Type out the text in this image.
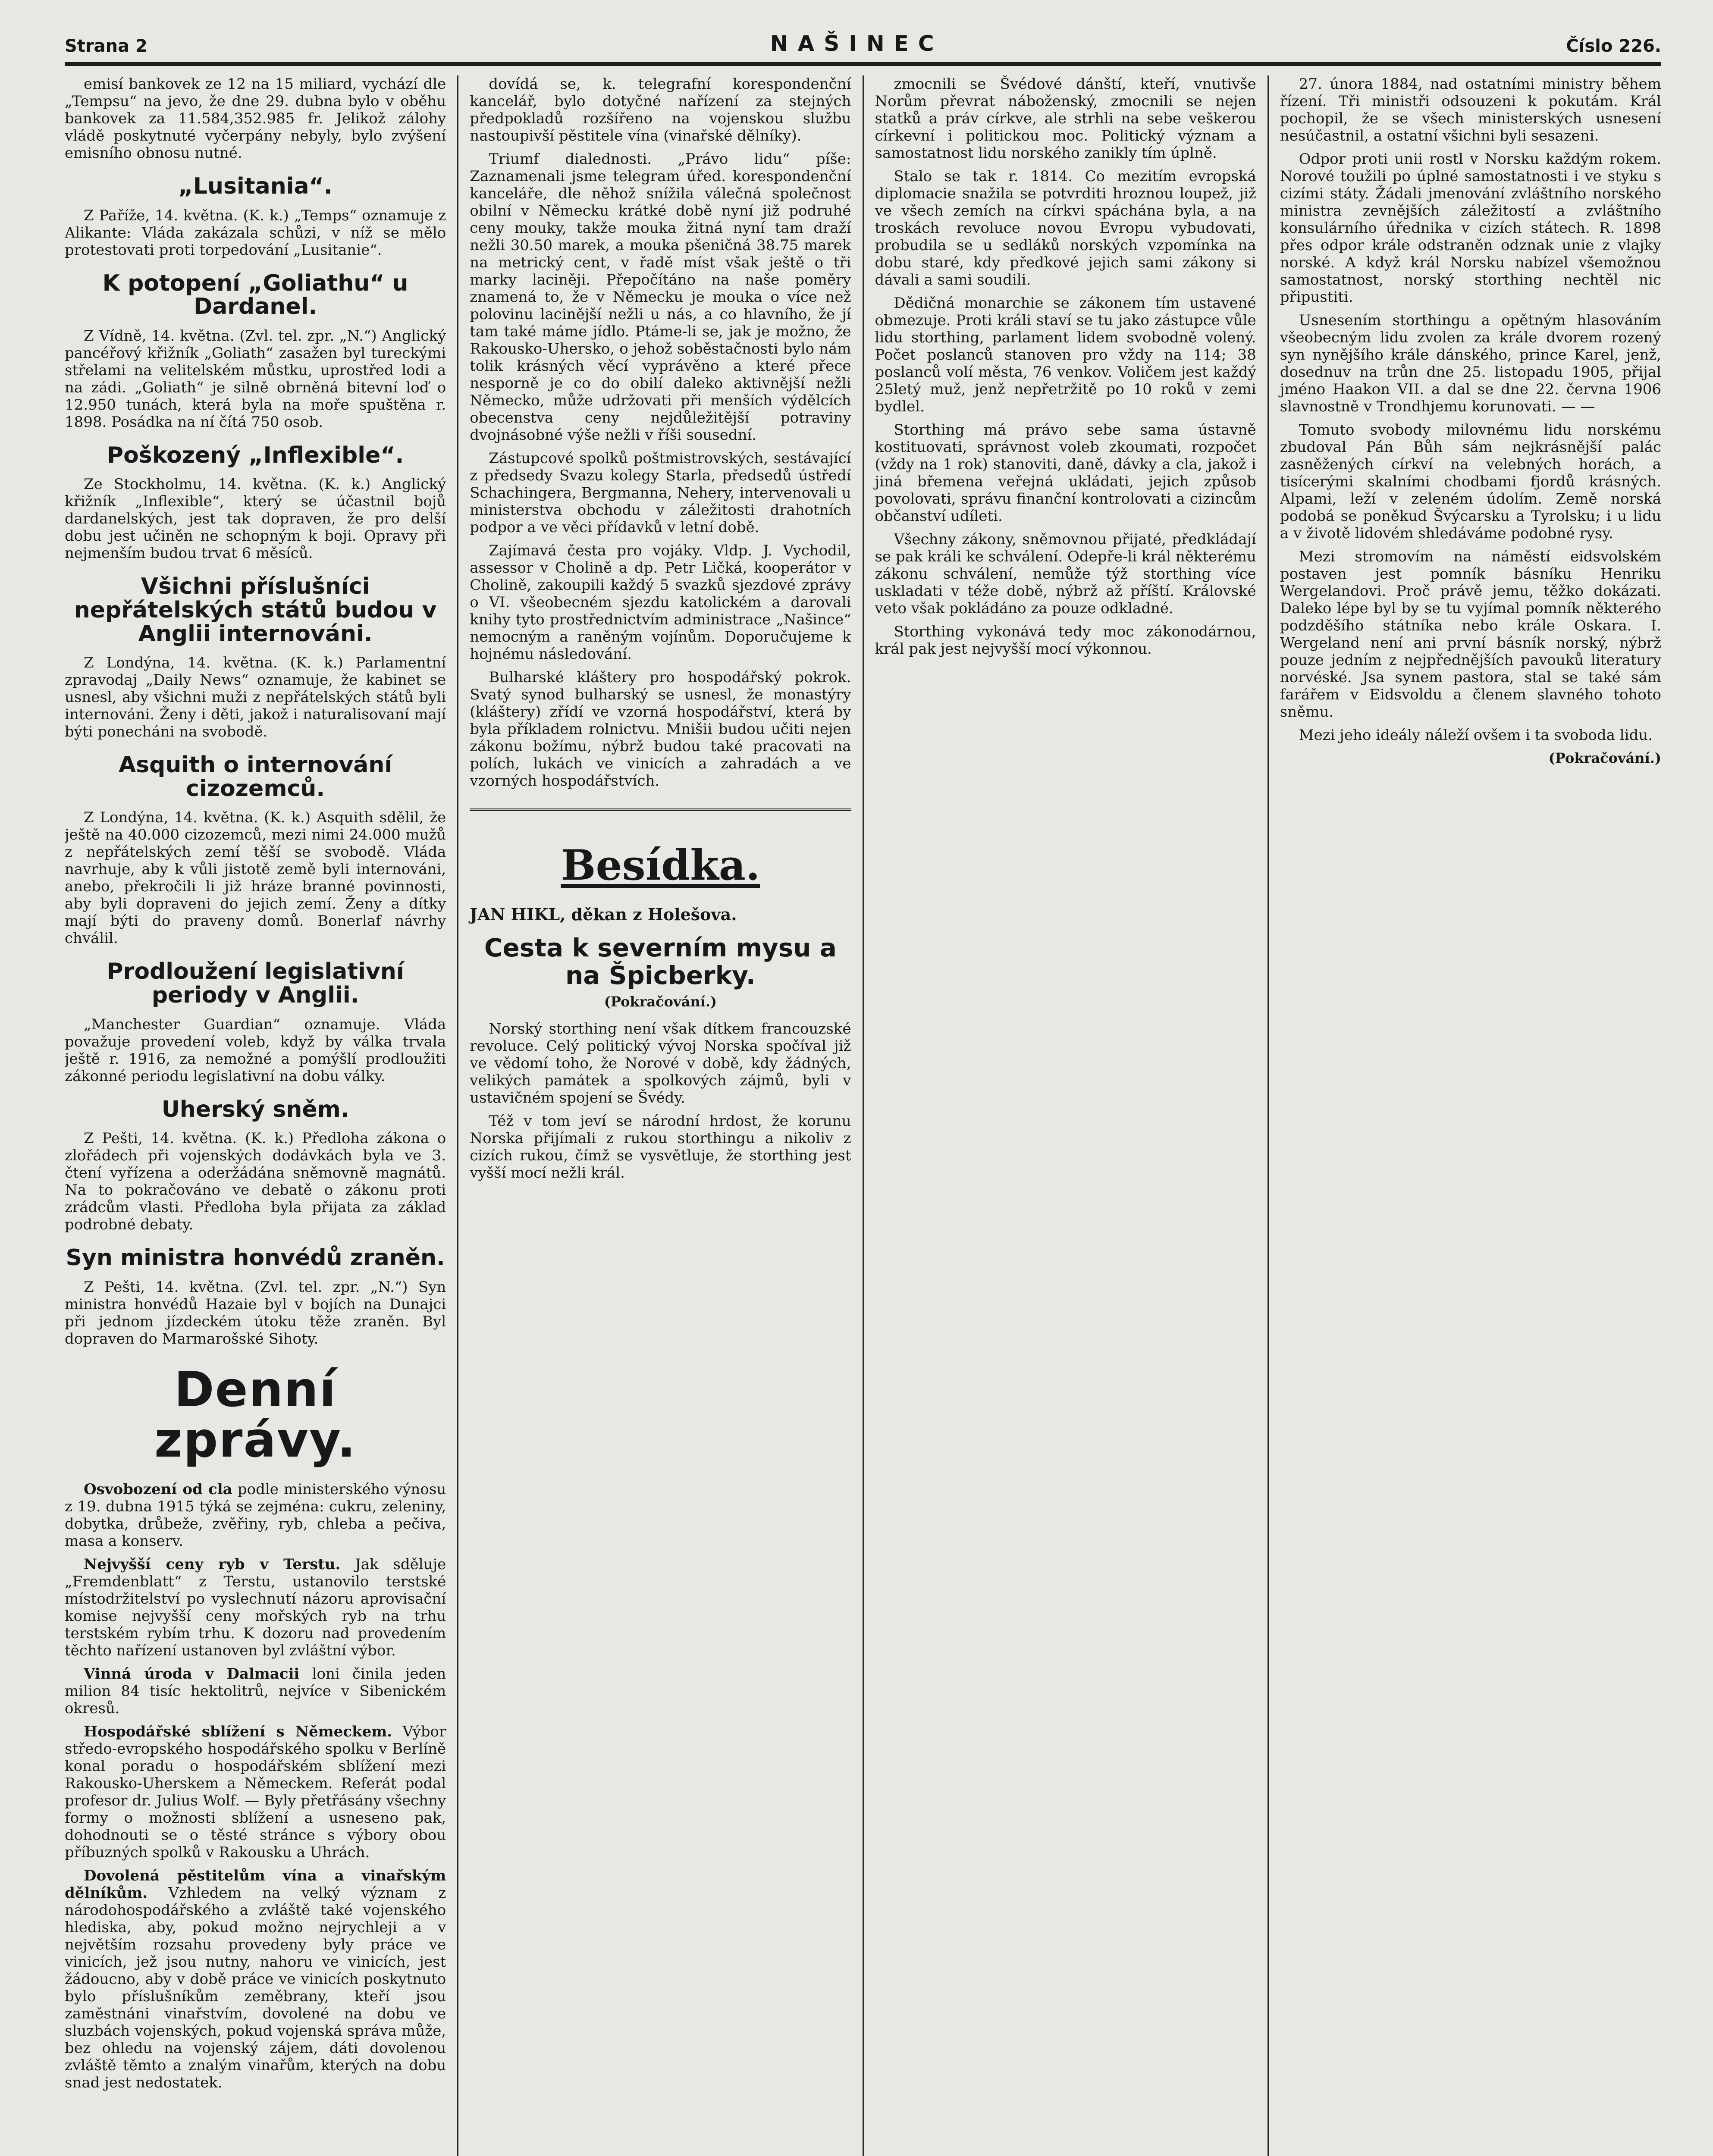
Strana 2	NAŠINEC	Číslo 226.

emisí bankovek ze 12 na 15 miliard, vychází dle „Tempsu“ na jevo, že dne 29. dubna bylo v oběhu bankovek za 11.584,352.985 fr. Jelikož zálohy vládě poskytnuté vyčerpány nebyly, bylo zvýšení emisního obnosu nutné.

„Lusitania“.

Z Paříže, 14. května. (K. k.) „Temps“ oznamuje z Alikante: Vláda zakázala schůzi, v níž se mělo protestovati proti torpedování „Lusitanie“.

K potopení „Goliathu“ u Dardanel.

Z Vídně, 14. května. (Zvl. tel. zpr. „N.“) Anglický pancéřový křižník „Goliath“ zasažen byl tureckými střelami na velitelském můstku, uprostřed lodi a na zádi. „Goliath“ je silně obrněná bitevní loď o 12.950 tunách, která byla na moře spuštěna r. 1898. Posádka na ní čítá 750 osob.

Poškozený „Inflexible“.

Ze Stockholmu, 14. května. (K. k.) Anglický křižník „Inflexible“, který se účastnil bojů dardanelských, jest tak dopraven, že pro delší dobu jest učiněn ne schopným k boji. Opravy při nejmenším budou trvat 6 měsíců.

Všichni příslušníci nepřátelských států budou v Anglii internováni.

Z Londýna, 14. května. (K. k.) Parlamentní zpravodaj „Daily News“ oznamuje, že kabinet se usnesl, aby všichni muži z nepřátelských států byli internováni. Ženy i děti, jakož i naturalisovaní mají býti ponecháni na svobodě.

Asquith o internování cizozemců.

Z Londýna, 14. května. (K. k.) Asquith sdělil, že ještě na 40.000 cizozemců, mezi nimi 24.000 mužů z nepřátelských zemí těší se svobodě. Vláda navrhuje, aby k vůli jistotě země byli internováni, anebo, překročili li již hráze branné povinnosti, aby byli dopraveni do jejich zemí. Ženy a dítky mají býti do praveny domů. Bonerlaf návrhy chválil.

Prodloužení legislativní periody v Anglii.

„Manchester Guardian“ oznamuje. Vláda považuje provedení voleb, když by válka trvala ještě r. 1916, za nemožné a pomýšlí prodloužiti zákonné periodu legislativní na dobu války.

Uherský sněm.

Z Pešti, 14. května. (K. k.) Předloha zákona o zlořádech při vojenských dodávkách byla ve 3. čtení vyřízena a oderžádána sněmovně magnátů. Na to pokračováno ve debatě o zákonu proti zrádcům vlasti. Předloha byla přijata za základ podrobné debaty.

Syn ministra honvédů zraněn.

Z Pešti, 14. května. (Zvl. tel. zpr. „N.“) Syn ministra honvédů Hazaie byl v bojích na Dunajci při jednom jízdeckém útoku těže zraněn. Byl dopraven do Marmarošské Sihoty.

Denní zprávy.

Osvobození od cla podle ministerského výnosu z 19. dubna 1915 týká se zejména: cukru, zeleniny, dobytka, drůbeže, zvěřiny, ryb, chleba a pečiva, masa a konserv.

Nejvyšší ceny ryb v Terstu. Jak sděluje „Fremdenblatt“ z Terstu, ustanovilo terstské místodržitelství po vyslechnutí názoru aprovisační komise nejvyšší ceny mořských ryb na trhu terstském rybím trhu. K dozoru nad provedením těchto nařízení ustanoven byl zvláštní výbor.

Vinná úroda v Dalmacii loni činila jeden milion 84 tisíc hektolitrů, nejvíce v Sibenickém okresů.

Hospodářské sblížení s Německem. Výbor středo-evropského hospodářského spolku v Berlíně konal poradu o hospodářském sblížení mezi Rakousko-Uherskem a Německem. Referát podal profesor dr. Julius Wolf. — Byly přetřásány všechny formy o možnosti sblížení a usneseno pak, dohodnouti se o těsté stránce s výbory obou příbuzných spolků v Rakousku a Uhrách.

Dovolená pěstitelům vína a vinařským dělníkům. Vzhledem na velký význam z národohospodářského a zvláště také vojenského hlediska, aby, pokud možno nejrychleji a v největším rozsahu provedeny byly práce ve vinicích, jež jsou nutny, nahoru ve vinicích, jest žádoucno, aby v době práce ve vinicích poskytnuto bylo příslušníkům zeměbrany, kteří jsou zaměstnáni vinařstvím, dovolené na dobu ve sluzbách vojenských, pokud vojenská správa může, bez ohledu na vojenský zájem, dáti dovolenou zvláště těmto a znalým vinařům, kterých na dobu snad jest nedostatek.

dovídá se, k. telegrafní korespondenční kancelář, bylo dotyčné nařízení za stejných předpokladů rozšířeno na vojenskou službu nastoupivší pěstitele vína (vinařské dělníky).

Triumf dialednosti. „Právo lidu“ píše: Zaznamenali jsme telegram úřed. korespondenční kanceláře, dle něhož snížila válečná společnost obilní v Německu krátké době nyní již podruhé ceny mouky, takže mouka žitná nyní tam draží nežli 30.50 marek, a mouka pšeničná 38.75 marek na metrický cent, v řadě míst však ještě o tři marky laciněji. Přepočítáno na naše poměry znamená to, že v Německu je mouka o více než polovinu lacinější nežli u nás, a co hlavního, že jí tam také máme jídlo. Ptáme-li se, jak je možno, že Rakousko-Uhersko, o jehož soběstačnosti bylo nám tolik krásných věcí vyprávěno a které přece nesporně je co do obilí daleko aktivnější nežli Německo, může udržovati při menších výdělcích obecenstva ceny nejdůležitější potraviny dvojnásobné výše nežli v říši sousední.

Zástupcové spolků poštmistrovských, sestávající z předsedy Svazu kolegy Starla, předsedů ústředí Schachingera, Bergmanna, Nehery, intervenovali u ministerstva obchodu v záležitosti drahotních podpor a ve věci přídavků v letní době.

Zajímavá česta pro vojáky. Vldp. J. Vychodil, assessor v Cholině a dp. Petr Ličká, kooperátor v Cholině, zakoupili každý 5 svazků sjezdové zprávy o VI. všeobecném sjezdu katolickém a darovali knihy tyto prostřednictvím administrace „Našince“ nemocným a raněným vojínům. Doporučujeme k hojnému následování.

Bulharské kláštery pro hospodářský pokrok. Svatý synod bulharský se usnesl, že monastýry (kláštery) zřídí ve vzorná hospodářství, která by byla příkladem rolnictvu. Mnišii budou učiti nejen zákonu božímu, nýbrž budou také pracovati na polích, lukách ve vinicích a zahradách a ve vzorných hospodářstvích.

Besídka.
JAN HIKL, děkan z Holešova.
Cesta k severním mysu a na Špicberky.
(Pokračování.)

Norský storthing není však dítkem francouzské revoluce. Celý politický vývoj Norska spočíval již ve vědomí toho, že Norové v době, kdy žádných, velikých památek a spolkových zájmů, byli v ustavičném spojení se Švédy.

Též v tom jeví se národní hrdost, že korunu Norska přijímali z rukou storthingu a nikoliv z cizích rukou, čímž se vysvětluje, že storthing jest vyšší mocí nežli král.

zmocnili se Švédové dánští, kteří, vnutivše Norům převrat náboženský, zmocnili se nejen statků a práv církve, ale strhli na sebe veškerou církevní i politickou moc. Politický význam a samostatnost lidu norského zanikly tím úplně.

Stalo se tak r. 1814. Co mezitím evropská diplomacie snažila se potvrditi hroznou loupež, již ve všech zemích na církvi spáchána byla, a na troskách revoluce novou Evropu vybudovati, probudila se u sedláků norských vzpomínka na dobu staré, kdy předkové jejich sami zákony si dávali a sami soudili.

Dědičná monarchie se zákonem tím ustavené obmezuje. Proti králi staví se tu jako zástupce vůle lidu storthing, parlament lidem svobodně volený. Počet poslanců stanoven pro vždy na 114; 38 poslanců volí města, 76 venkov. Voličem jest každý 25letý muž, jenž nepřetržitě po 10 roků v zemi bydlel.

Storthing má právo sebe sama ústavně kostituovati, správnost voleb zkoumati, rozpočet (vždy na 1 rok) stanoviti, daně, dávky a cla, jakož i jiná břemena veřejná ukládati, jejich způsob povolovati, správu finanční kontrolovati a cizincům občanství udíleti.

Všechny zákony, sněmovnou přijaté, předkládají se pak králi ke schválení. Odepře-li král některému zákonu schválení, nemůže týž storthing více uskladati v téže době, nýbrž až příští. Královské veto však pokládáno za pouze odkladné.

Storthing vykonává tedy moc zákonodárnou, král pak jest nejvyšší mocí výkonnou.

27. února 1884, nad ostatními ministry během řízení. Tři ministři odsouzeni k pokutám. Král pochopil, že se všech ministerských usnesení nesúčastnil, a ostatní všichni byli sesazeni.

Odpor proti unii rostl v Norsku každým rokem. Norové toužili po úplné samostatnosti i ve styku s cizími státy. Žádali jmenování zvláštního norského ministra zevnějších záležitostí a zvláštního konsulárního úřednika v cizích státech. R. 1898 přes odpor krále odstraněn odznak unie z vlajky norské. A když král Norsku nabízel všemožnou samostatnost, norský storthing nechtěl nic připustiti.

Usnesením storthingu a opětným hlasováním všeobecným lidu zvolen za krále dvorem rozený syn nynějšího krále dánského, prince Karel, jenž, dosednuv na trůn dne 25. listopadu 1905, přijal jméno Haakon VII. a dal se dne 22. června 1906 slavnostně v Trondhjemu korunovati. — —

Tomuto svobody milovnému lidu norskému zbudoval Pán Bůh sám nejkrásnější palác zasněžených církví na velebných horách, a tisícerými skalními chodbami fjordů krásných. Alpami, leží v zeleném údolím. Země norská podobá se poněkud Švýcarsku a Tyrolsku; i u lidu a v životě lidovém shledáváme podobné rysy.

Mezi stromovím na náměstí eidsvolském postaven jest pomník básníku Henriku Wergelandovi. Proč právě jemu, těžko dokázati. Daleko lépe byl by se tu vyjímal pomník některého podzděšího státníka nebo krále Oskara. I. Wergeland není ani první básník norský, nýbrž pouze jedním z nejpřednějších pavouků literatury norvéské. Jsa synem pastora, stal se také sám farářem v Eidsvoldu a členem slavného tohoto sněmu.

Mezi jeho ideály náleží ovšem i ta svoboda lidu.

(Pokračování.)
